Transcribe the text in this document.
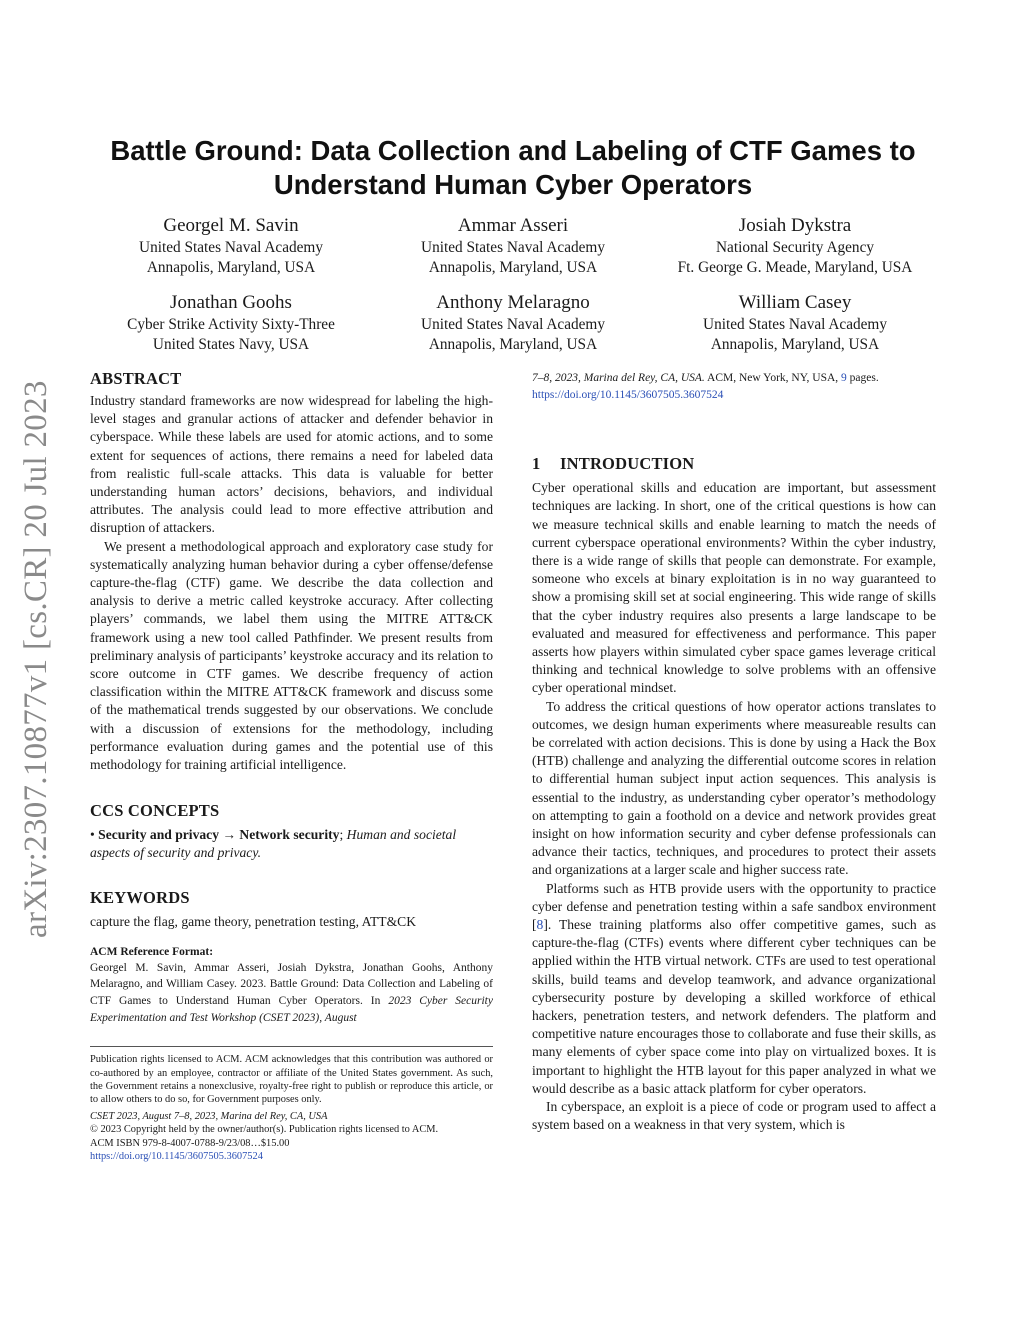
arXiv:2307.10877v1 [cs.CR] 20 Jul 2023
Battle Ground: Data Collection and Labeling of CTF Games to
Understand Human Cyber Operators
Georgel M. Savin
United States Naval Academy
Annapolis, Maryland, USA
Ammar Asseri
United States Naval Academy
Annapolis, Maryland, USA
Josiah Dykstra
National Security Agency
Ft. George G. Meade, Maryland, USA
Jonathan Goohs
Cyber Strike Activity Sixty-Three
United States Navy, USA
Anthony Melaragno
United States Naval Academy
Annapolis, Maryland, USA
William Casey
United States Naval Academy
Annapolis, Maryland, USA
ABSTRACT

Industry standard frameworks are now widespread for labeling the high-level stages and granular actions of attacker and defender behavior in cyberspace. While these labels are used for atomic actions, and to some extent for sequences of actions, there remains a need for labeled data from realistic full-scale attacks. This data is valuable for better understanding human actors’ decisions, behaviors, and individual attributes. The analysis could lead to more effective attribution and disruption of attackers.

We present a methodological approach and exploratory case study for systematically analyzing human behavior during a cyber offense/defense capture-the-flag (CTF) game. We describe the data collection and analysis to derive a metric called keystroke accuracy. After collecting players’ commands, we label them using the MITRE ATT&CK framework using a new tool called Pathfinder. We present results from preliminary analysis of participants’ keystroke accuracy and its relation to score outcome in CTF games. We describe frequency of action classification within the MITRE ATT&CK framework and discuss some of the mathematical trends suggested by our observations. We conclude with a discussion of extensions for the methodology, including performance evaluation during games and the potential use of this methodology for training artificial intelligence.

CCS CONCEPTS

• Security and privacy → Network security; Human and societal aspects of security and privacy.

KEYWORDS

capture the flag, game theory, penetration testing, ATT&CK

ACM Reference Format:

Georgel M. Savin, Ammar Asseri, Josiah Dykstra, Jonathan Goohs, Anthony Melaragno, and William Casey. 2023. Battle Ground: Data Collection and Labeling of CTF Games to Understand Human Cyber Operators. In 2023 Cyber Security Experimentation and Test Workshop (CSET 2023), August

Publication rights licensed to ACM. ACM acknowledges that this contribution was authored or co-authored by an employee, contractor or affiliate of the United States government. As such, the Government retains a nonexclusive, royalty-free right to publish or reproduce this article, or to allow others to do so, for Government purposes only.

CSET 2023, August 7–8, 2023, Marina del Rey, CA, USA
© 2023 Copyright held by the owner/author(s). Publication rights licensed to ACM.
ACM ISBN 979-8-4007-0788-9/23/08…$15.00
https://doi.org/10.1145/3607505.3607524

7–8, 2023, Marina del Rey, CA, USA. ACM, New York, NY, USA, 9 pages.
https://doi.org/10.1145/3607505.3607524

1 INTRODUCTION

Cyber operational skills and education are important, but assessment techniques are lacking. In short, one of the critical questions is how can we measure technical skills and enable learning to match the needs of current cyberspace operational environments? Within the cyber industry, there is a wide range of skills that people can demonstrate. For example, someone who excels at binary exploitation is in no way guaranteed to show a promising skill set at social engineering. This wide range of skills that the cyber industry requires also presents a large landscape to be evaluated and measured for effectiveness and performance. This paper asserts how players within simulated cyber space games leverage critical thinking and technical knowledge to solve problems with an offensive cyber operational mindset.

To address the critical questions of how operator actions translates to outcomes, we design human experiments where measureable results can be correlated with action decisions. This is done by using a Hack the Box (HTB) challenge and analyzing the differential outcome scores in relation to differential human subject input action sequences. This analysis is essential to the industry, as understanding cyber operator’s methodology on attempting to gain a foothold on a device and network provides great insight on how information security and cyber defense professionals can advance their tactics, techniques, and procedures to protect their assets and organizations at a larger scale and higher success rate.

Platforms such as HTB provide users with the opportunity to practice cyber defense and penetration testing within a safe sandbox environment [8]. These training platforms also offer competitive games, such as capture-the-flag (CTFs) events where different cyber techniques can be applied within the HTB virtual network. CTFs are used to test operational skills, build teams and develop teamwork, and advance organizational cybersecurity posture by developing a skilled workforce of ethical hackers, penetration testers, and network defenders. The platform and competitive nature encourages those to collaborate and fuse their skills, as many elements of cyber space come into play on virtualized boxes. It is important to highlight the HTB layout for this paper analyzed in what we would describe as a basic attack platform for cyber operators.

In cyberspace, an exploit is a piece of code or program used to affect a system based on a weakness in that very system, which is
